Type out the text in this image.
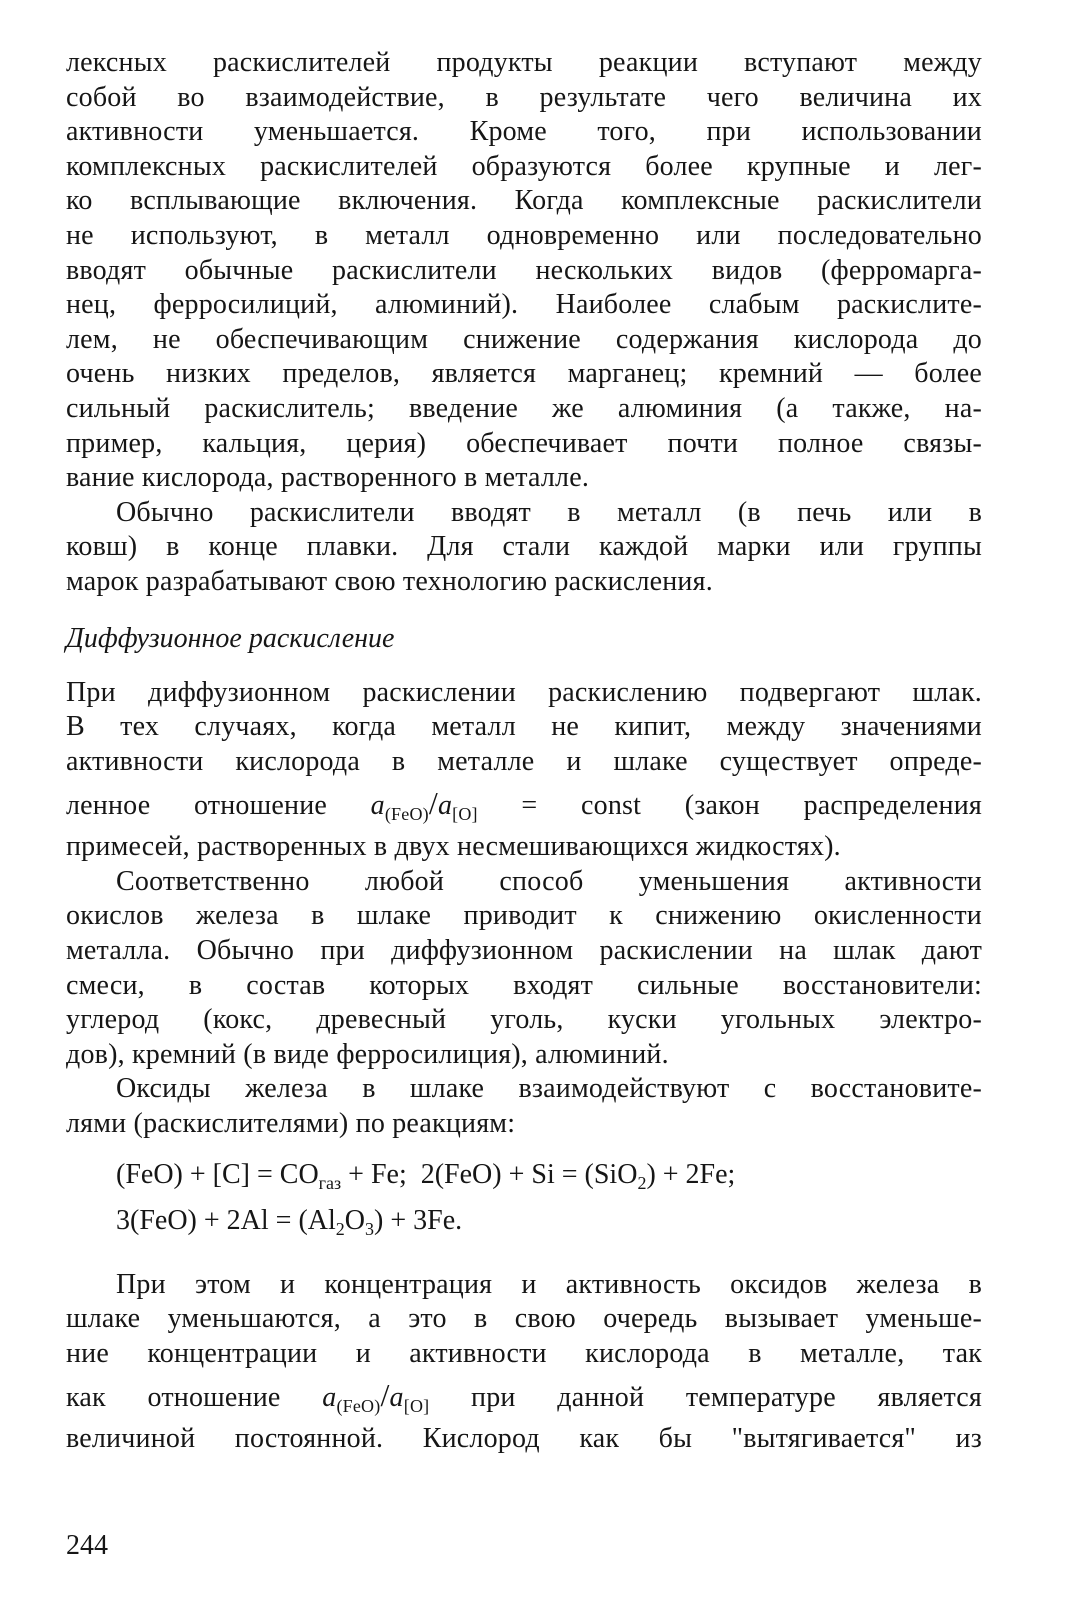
лексных раскислителей продукты реакции вступают между
собой во взаимодействие, в результате чего величина их
активности уменьшается. Кроме того, при использовании
комплексных раскислителей образуются более крупные и лег-
ко всплывающие включения. Когда комплексные раскислители
не используют, в металл одновременно или последовательно
вводят обычные раскислители нескольких видов (ферромарга-
нец, ферросилиций, алюминий). Наиболее слабым раскислите-
лем, не обеспечивающим снижение содержания кислорода до
очень низких пределов, является марганец; кремний — более
сильный раскислитель; введение же алюминия (а также, на-
пример, кальция, церия) обеспечивает почти полное связы-
вание кислорода, растворенного в металле.
Обычно раскислители вводят в металл (в печь или в
ковш) в конце плавки. Для стали каждой марки или группы
марок разрабатывают свою технологию раскисления.
Диффузионное раскисление
При диффузионном раскислении раскислению подвергают шлак.
В тех случаях, когда металл не кипит, между значениями
активности кислорода в металле и шлаке существует опреде-
ленное отношение $a_{(FeO)}/a_{[O]}$ = const (закон распределения
примесей, растворенных в двух несмешивающихся жидкостях).
Соответственно любой способ уменьшения активности
окислов железа в шлаке приводит к снижению окисленности
металла. Обычно при диффузионном раскислении на шлак дают
смеси, в состав которых входят сильные восстановители:
углерод (кокс, древесный уголь, куски угольных электро-
дов), кремний (в виде ферросилиция), алюминий.
Оксиды железа в шлаке взаимодействуют с восстановите-
лями (раскислителями) по реакциям:
$(FeO) + [C] = CO_{газ} + Fe$;  2(FeO) + Si = (SiO$_2$) + 2Fe;
$3(FeO) + 2Al = (Al_2O_3) + 3Fe$.
При этом и концентрация и активность оксидов железа в
шлаке уменьшаются, а это в свою очередь вызывает уменьше-
ние концентрации и активности кислорода в металле, так
как отношение $a_{(FeO)}/a_{[O]}$ при данной температуре является
величиной постоянной. Кислород как бы "вытягивается" из
244
